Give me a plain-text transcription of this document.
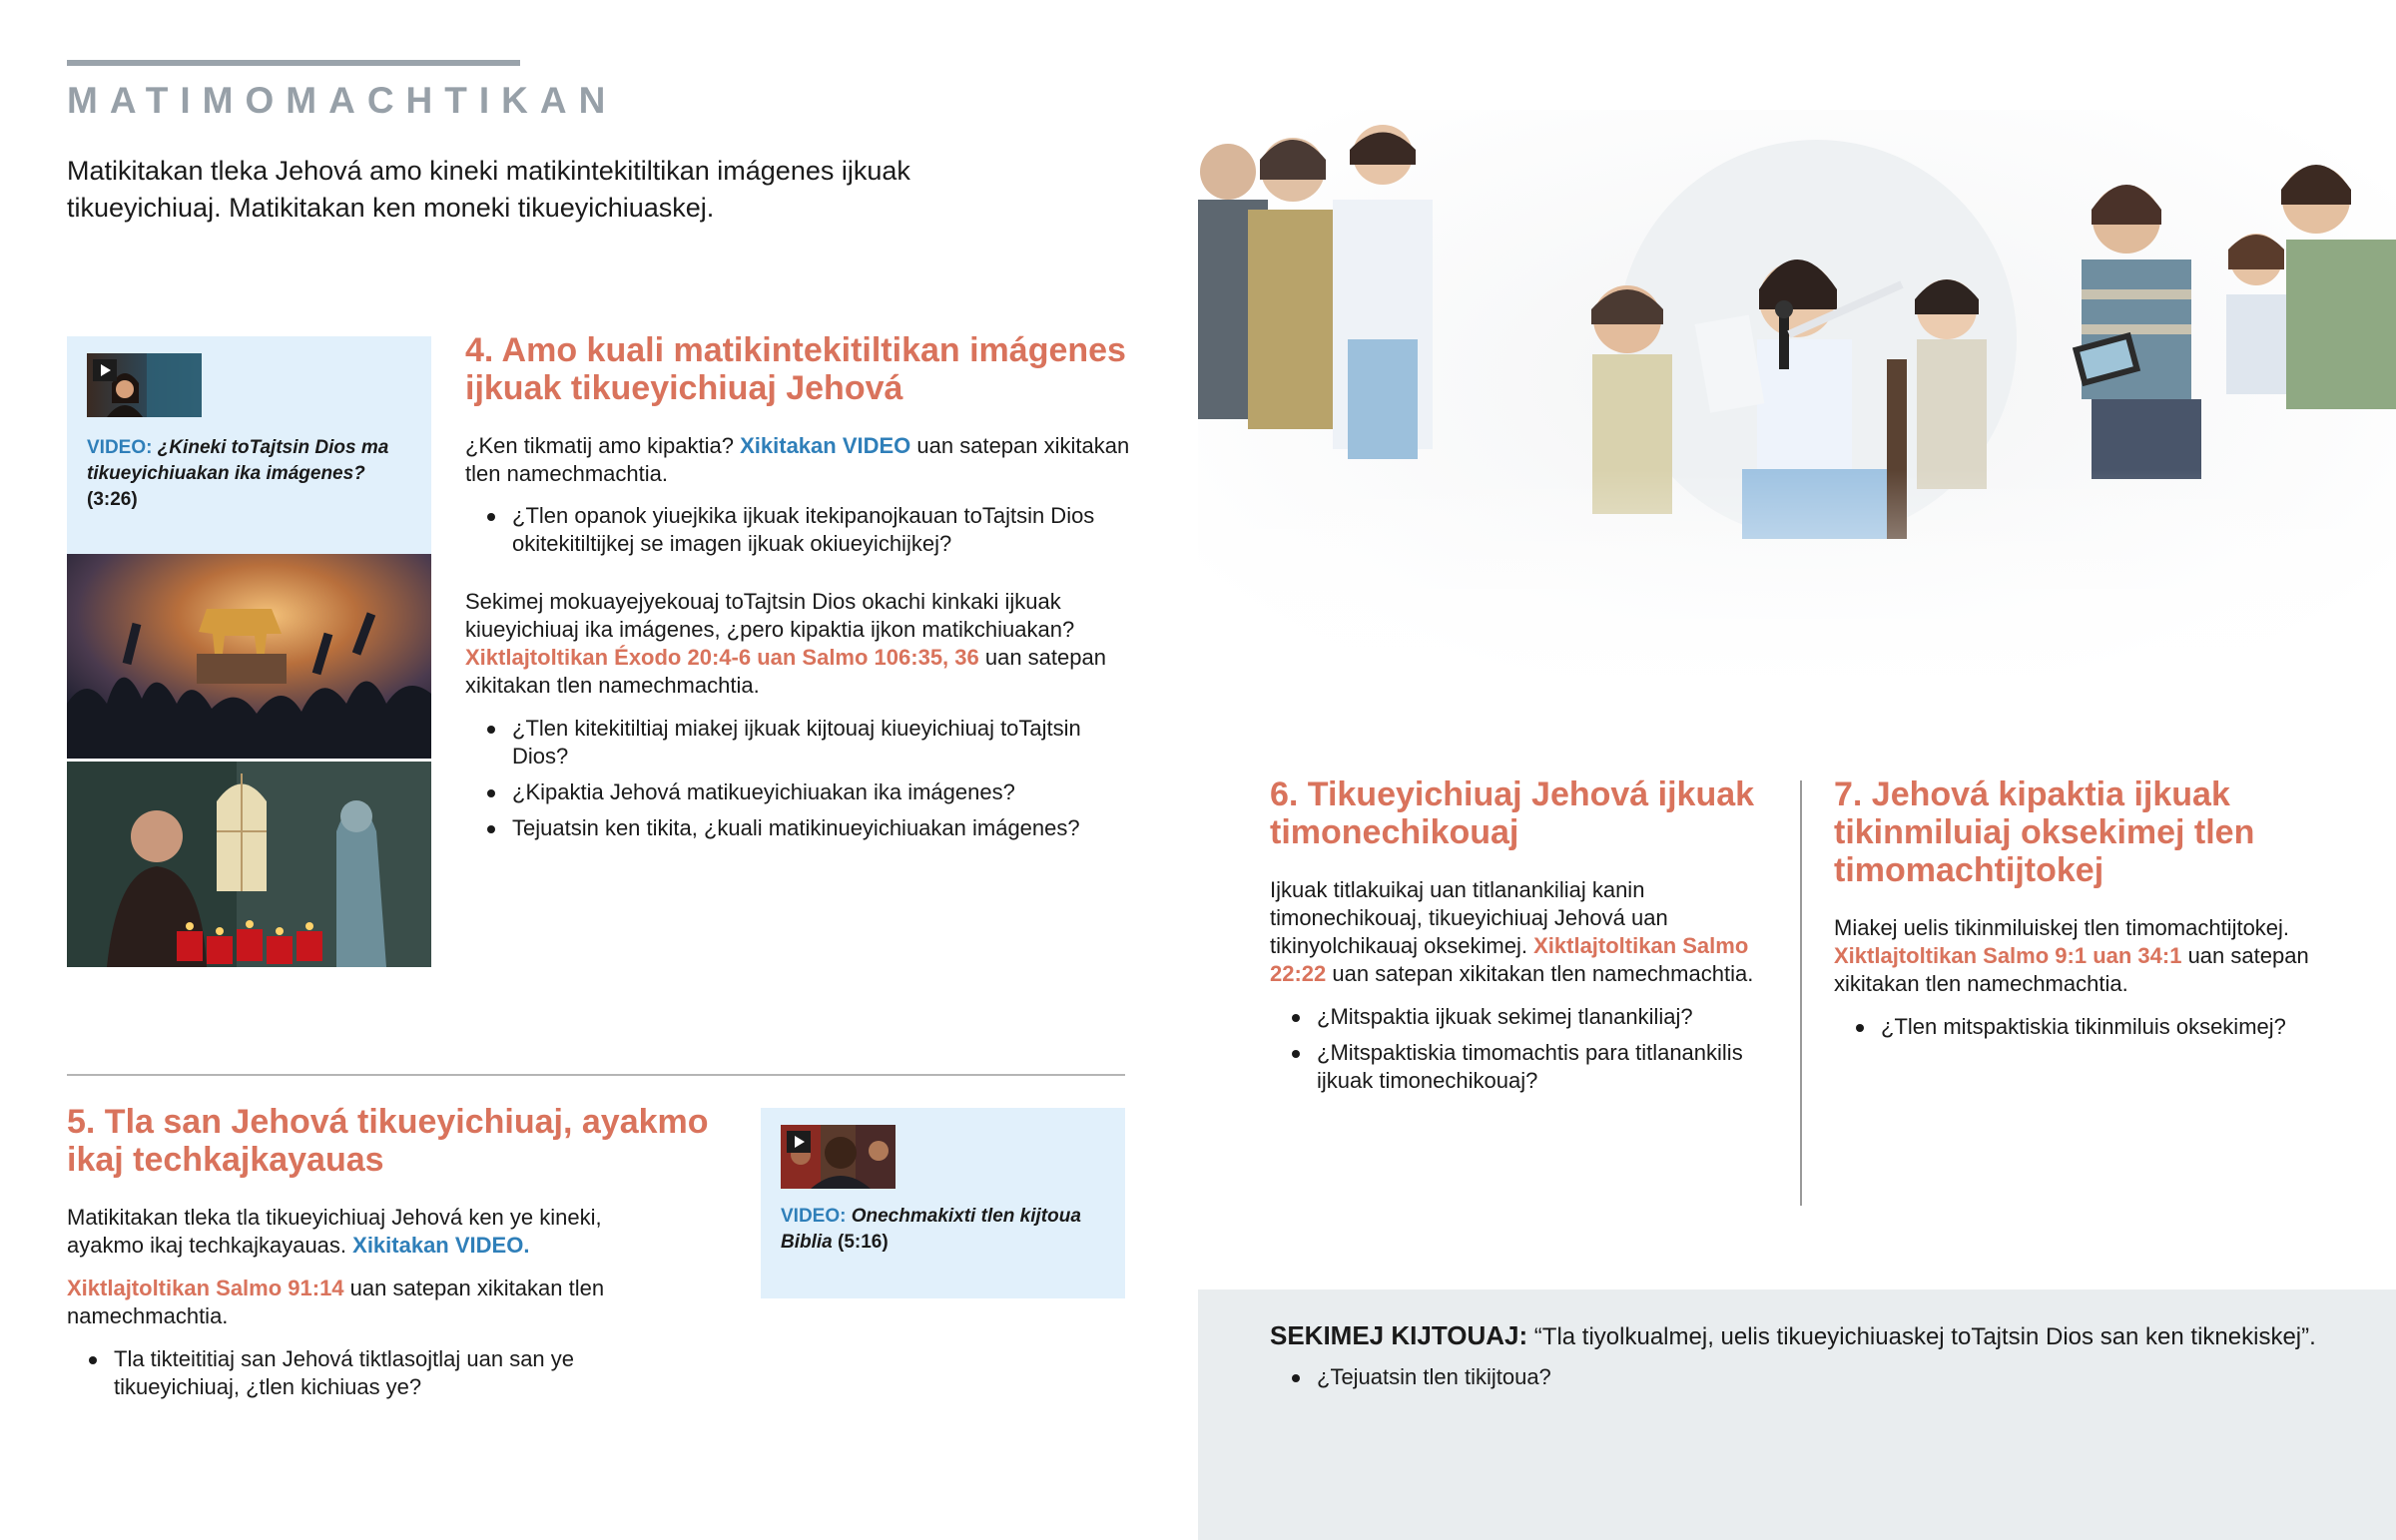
MATIMOMACHTIKAN
Matikitakan tleka Jehová amo kineki matikintekitiltikan imágenes ijkuak tikueyichiuaj. Matikitakan ken moneki tikueyichiuaskej.
VIDEO: ¿Kineki toTajtsin Dios ma tikueyichiuakan ika imágenes? (3:26)
4. Amo kuali matikintekitiltikan imágenes ijkuak tikueyichiuaj Jehová
¿Ken tikmatij amo kipaktia? Xikitakan VIDEO uan satepan xikitakan tlen namechmachtia.
¿Tlen opanok yiuejkika ijkuak itekipanojkauan toTajtsin Dios okitekitiltijkej se imagen ijkuak okiueyichijkej?
Sekimej mokuayejyekouaj toTajtsin Dios okachi kinkaki ijkuak kiueyichiuaj ika imágenes, ¿pero kipaktia ijkon matikchiuakan? Xiktlajtoltikan Éxodo 20:4-6 uan Salmo 106:35, 36 uan satepan xikitakan tlen namechmachtia.
¿Tlen kitekitiltiaj miakej ijkuak kijtouaj kiueyichiuaj toTajtsin Dios?
¿Kipaktia Jehová matikueyichiuakan ika imágenes?
Tejuatsin ken tikita, ¿kuali matikinueyichiuakan imágenes?
5. Tla san Jehová tikueyichiuaj, ayakmo ikaj techkajkayauas
Matikitakan tleka tla tikueyichiuaj Jehová ken ye kineki, ayakmo ikaj techkajkayauas. Xikitakan VIDEO.
Xiktlajtoltikan Salmo 91:14 uan satepan xikitakan tlen namechmachtia.
Tla tikteititiaj san Jehová tiktlasojtlaj uan san ye tikueyichiuaj, ¿tlen kichiuas ye?
VIDEO: Onechmakixti tlen kijtoua Biblia (5:16)
6. Tikueyichiuaj Jehová ijkuak timonechikouaj
Ijkuak titlakuikaj uan titlanankiliaj kanin timonechikouaj, tikueyichiuaj Jehová uan tikinyolchikauaj oksekimej. Xiktlajtoltikan Salmo 22:22 uan satepan xikitakan tlen namechmachtia.
¿Mitspaktia ijkuak sekimej tlanankiliaj?
¿Mitspaktiskia timomachtis para titlanankilis ijkuak timonechikouaj?
7. Jehová kipaktia ijkuak tikinmiluiaj oksekimej tlen timomachtijtokej
Miakej uelis tikinmiluiskej tlen timomachtijtokej. Xiktlajtoltikan Salmo 9:1 uan 34:1 uan satepan xikitakan tlen namechmachtia.
¿Tlen mitspaktiskia tikinmiluis oksekimej?
SEKIMEJ KIJTOUAJ: “Tla tiyolkualmej, uelis tikueyichiuaskej toTajtsin Dios san ken tiknekiskej”.
¿Tejuatsin tlen tikijtoua?
